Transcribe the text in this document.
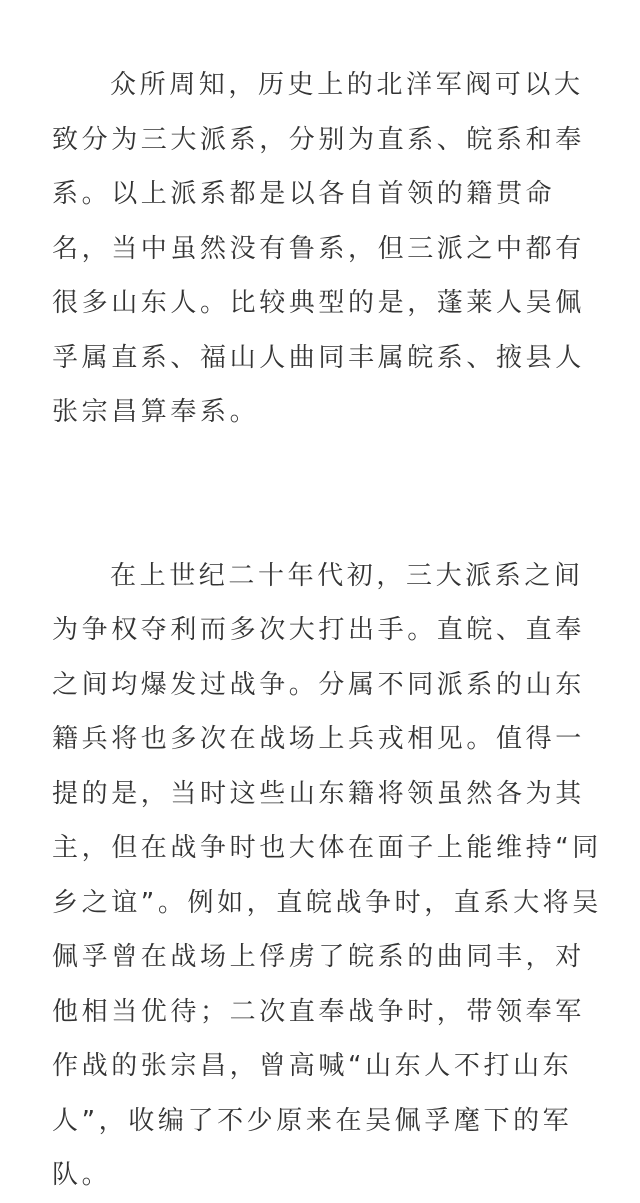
众所周知，历史上的北洋军阀可以大
致分为三大派系，分别为直系、皖系和奉
系。以上派系都是以各自首领的籍贯命
名，当中虽然没有鲁系，但三派之中都有
很多山东人。比较典型的是，蓬莱人吴佩
孚属直系、福山人曲同丰属皖系、掖县人
张宗昌算奉系。
在上世纪二十年代初，三大派系之间
为争权夺利而多次大打出手。直皖、直奉
之间均爆发过战争。分属不同派系的山东
籍兵将也多次在战场上兵戎相见。值得一
提的是，当时这些山东籍将领虽然各为其
主，但在战争时也大体在面子上能维持“同
乡之谊”。例如，直皖战争时，直系大将吴
佩孚曾在战场上俘虏了皖系的曲同丰，对
他相当优待；二次直奉战争时，带领奉军
作战的张宗昌，曾高喊“山东人不打山东
人”，收编了不少原来在吴佩孚麾下的军
队。
